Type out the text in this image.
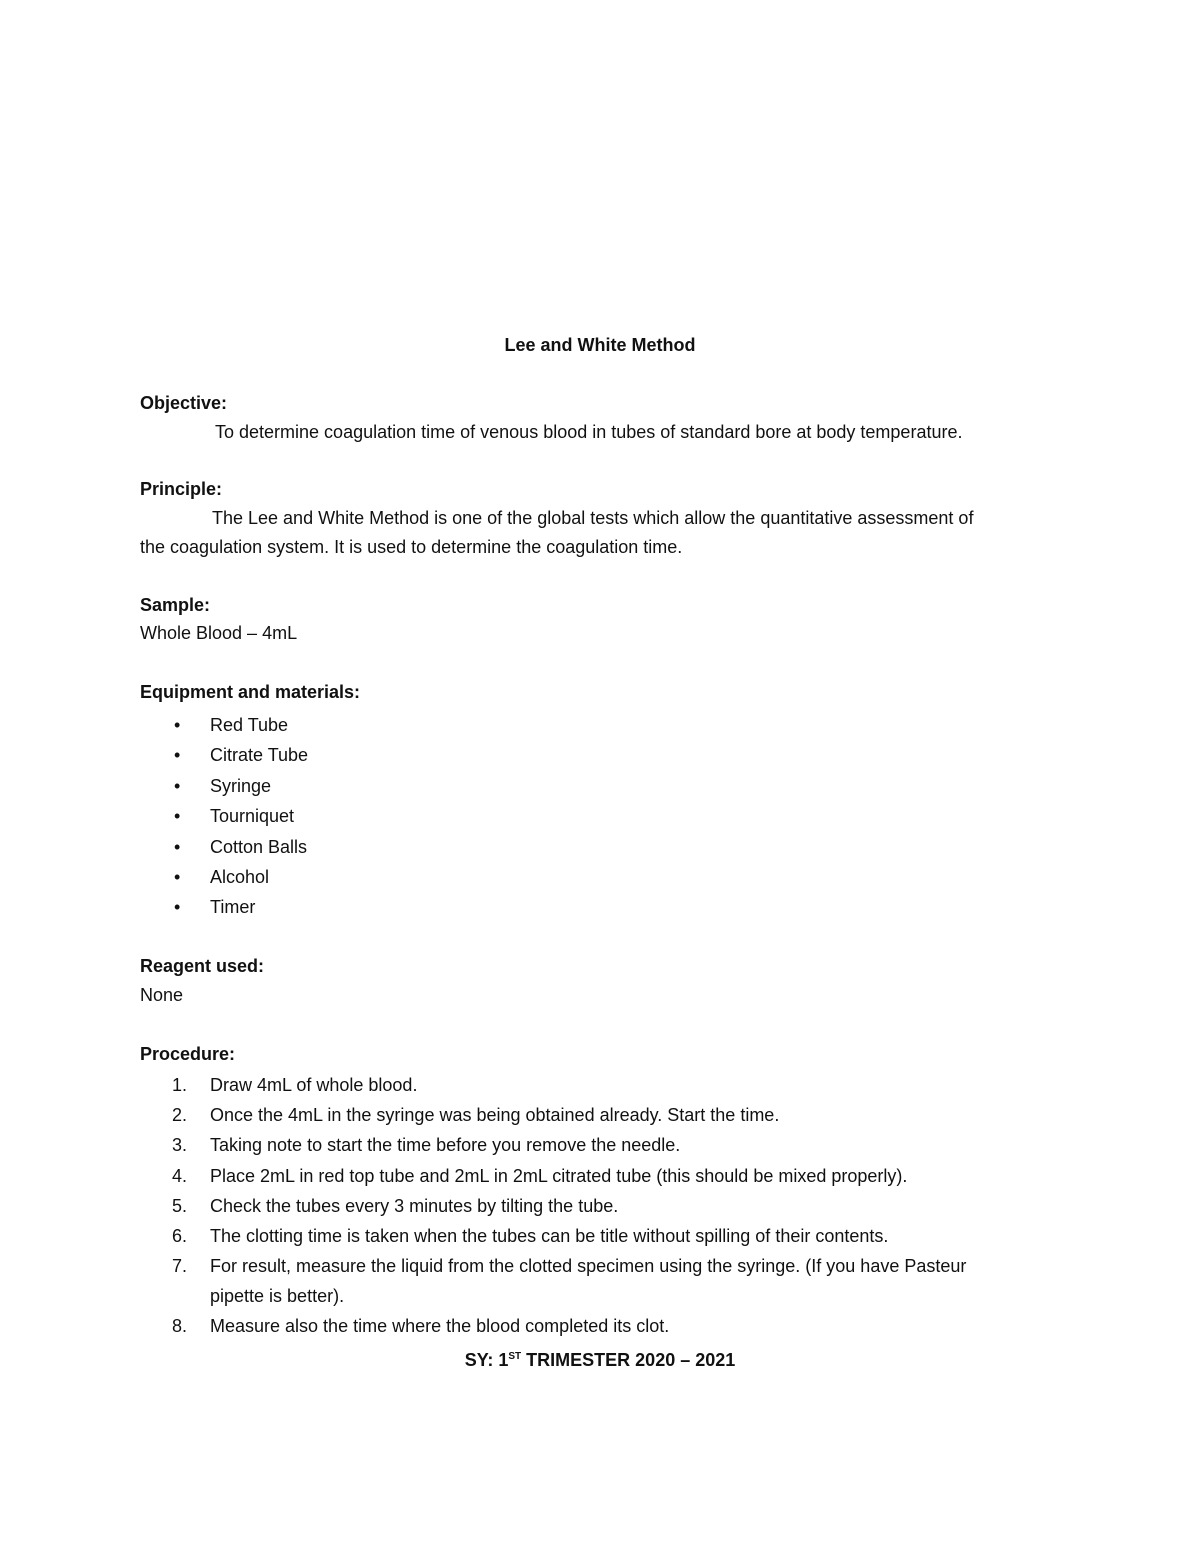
Lee and White Method
Objective:
To determine coagulation time of venous blood in tubes of standard bore at body temperature.
Principle:
The Lee and White Method is one of the global tests which allow the quantitative assessment of
the coagulation system. It is used to determine the coagulation time.
Sample:
Whole Blood – 4mL
Equipment and materials:
• Red Tube
• Citrate Tube
• Syringe
• Tourniquet
• Cotton Balls
• Alcohol
• Timer
Reagent used:
None
Procedure:
1.	Draw 4mL of whole blood.
2.	Once the 4mL in the syringe was being obtained already. Start the time.
3.	Taking note to start the time before you remove the needle.
4.	Place 2mL in red top tube and 2mL in 2mL citrated tube (this should be mixed properly).
5.	Check the tubes every 3 minutes by tilting the tube.
6.	The clotting time is taken when the tubes can be title without spilling of their contents.
7.	For result, measure the liquid from the clotted specimen using the syringe. (If you have Pasteur
pipette is better).
8.	Measure also the time where the blood completed its clot.
SY: 1ST TRIMESTER 2020 – 2021
